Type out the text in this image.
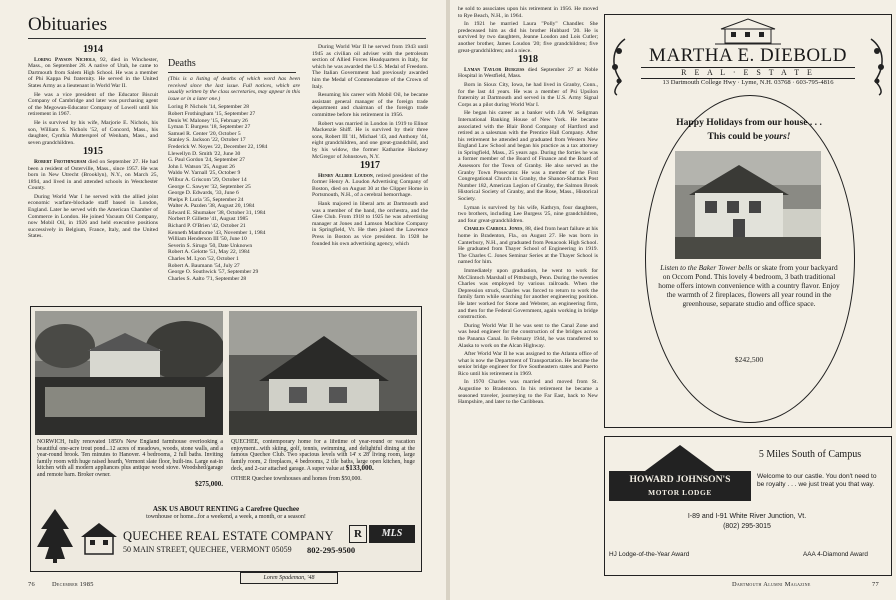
Obituaries
1914

Loring Payson Nichols, 92, died in Winchester, Mass., on September 28. A native of Utah, he came to Dartmouth from Salem High School. He was a member of Phi Kappa Psi fraternity. He served in the United States Army as a lieutenant in World War II.

He was a vice president of the Educator Biscuit Company of Cambridge and later was purchasing agent of the Megowan-Educator Company of Lowell until his retirement in 1967.

He is survived by his wife, Marjorie E. Nichols, his son, William S. Nichols '52, of Concord, Mass., his daughter, Cynthia Muttersprel of Wenham, Mass., and seven grandchildren.

1915

Robert Frothingham died on September 27. He had been a resident of Osterville, Mass., since 1957. He was born in New Utrecht (Brooklyn), N.Y., on March 25, 1894, and lived in and attended schools in Westchester County.

During World War I he served with the allied joint economic warfare-blockade staff based in London, England. Later he served with the American Chamber of Commerce in London. He joined Vacuum Oil Company, now Mobil Oil, in 1926 and held executive positions successively in Belgium, France, Italy, and the United States.

Deaths

(This is a listing of deaths of which word has been received since the last issue. Full notices, which are usually written by the class secretaries, may appear in this issue or in a later one.)

Loring P. Nichols '14, September 28
Robert Frothingham '15, September 27
Denis W. Maloney '15, February 26
Lyman T. Burgess '18, September 27
Samuel R. Center '20, October 5
Stanley S. Jackson '22, October 17
Frederick W. Noyes '22, December 22, 1984
Llewellyn D. Smith '22, June 30
G. Paul Gordon '24, September 27
John I. Watson '25, August 26
Waldo W. Yarnall '25, October 9
Wilbur A. Griscom '29, October 14
George C. Sawyer '32, September 25
George D. Edwards, '33, June 6
Phelps P. Luria '35, September 24
Walter A. Pazden '38, August 20, 1984
Edward E. Shumaker '38, October 31, 1984
Norbert P. Gillette '41, August 1985
Richard P. O'Brien '42, October 21
Kenneth Manthorne '43, November 1, 1984
William Henderson III '50, June 10
Severin S. Sirugo '50, Date Unknown
Robert A. Gelotte '51, May 22, 1984
Charles M. Lyon '52, October 1
Robert A. Baumann '54, July 27
George O. Southwick '57, September 29
Charles S. Aalto '71, September 28

During World War II he served from 1943 until 1945 as civilian oil adviser with the petroleum section of Allied Forces Headquarters in Italy, for which he was awarded the U.S. Medal of Freedom. The Italian Government had previously awarded him the Medal of Commendatore of the Crown of Italy.

Resuming his career with Mobil Oil, he became assistant general manager of the foreign trade department and chairman of the foreign trade committee before his retirement in 1956.

Robert was married in London in 1919 to Elinor Mackenzie Shiff. He is survived by their three sons, Robert III '41, Michael '43, and Anthony '44, eight grandchildren, and one great-grandchild, and by his widow, the former Katharine Hackney McGregor of Johnstown, N.Y.

1917

Henry Allbee Loudon, retired president of the former Henry A. Loudon Advertising Company of Boston, died on August 30 at the Clipper Home in Portsmouth, N.H., of a cerebral hemorrhage.

Hank majored in liberal arts at Dartmouth and was a member of the band, the orchestra, and the Glee Club. From 1918 to 1925 he was advertising manager at Jones and Lamson Machine Company in Springfield, Vt. He then joined the Lawrence Press in Boston as vice president. In 1928 he founded his own advertising agency, which

NORWICH, fully renovated 1850's New England farmhouse overlooking a beautiful one-acre trout pond...12 acres of meadows, woods, stone walls, and a year-round brook. Ten minutes to Hanover. 4 bedrooms, 2 full baths. Inviting family room with huge raised hearth, Vermont slate floor, built-ins. Large eat-in kitchen with all modern appliances plus antique wood stove. Woodshed/garage and remote barn. Broker owner.

$275,000.

QUECHEE, contemporary home for a lifetime of year-round or vacation enjoyment...with skiing, golf, tennis, swimming, and delightful dining at the famous Quechee Club. Two spacious levels with 14' x 28' living room, large family room, 2 fireplaces, 4 bedrooms, 2 tile baths, large open kitchen, huge deck, and 2-car attached garage. A super value at $133,000.

OTHER Quechee townhouses and homes from $50,000.

ASK US ABOUT RENTING a Carefree Quechee
townhouse or home...for a weekend, a week, a month, or a season!
QUECHEE REAL ESTATE COMPANY
50 MAIN STREET, QUECHEE, VERMONT 05059	802-295-9500
R	MLS
Loren Spademan, '48
76	December 1985

he sold to associates upon his retirement in 1956. He moved to Rye Beach, N.H., in 1964.

In 1921 he married Laura "Polly" Chandler. She predeceased him as did his brother Hubbard '20. He is survived by two daughters, Jeanne Loudon and Lois Cutler; another brother, James Loudon '20; five grandchildren; five great-grandchildren; and a niece.

1918

Lyman Taylor Burgess died September 27 at Noble Hospital in Westfield, Mass.

Born in Sioux City, Iowa, he had lived in Granby, Conn., for the last 44 years. He was a member of Psi Upsilon fraternity at Dartmouth and served in the U.S. Army Signal Corps as a pilot during World War I.

He began his career as a banker with J.& W. Seligman International Banking House of New York. He became associated with the Blair Bond Company of Hartford and retired as a salesman with the Prentice Hall Company. After his retirement he attended and graduated from Western New England Law School and began his practice as a tax attorney in Springfield, Mass., 25 years ago. During the forties he was a former member of the Board of Finance and the Board of Assessors for the Town of Granby. He also served as the Granby Town Prosecutor. He was a member of the First Congregational Church in Granby, the Shanon-Shattuck Post Number 182, American Legion of Granby, the Salmon Brook Historical Society of Granby, and the Rose, Mass., Historical Society.

Lyman is survived by his wife, Kathryn, four daughters, two brothers, including Lee Burgess '25, nine grandchildren, and four great-grandchildren.

Charles Carroll Jones, 88, died from heart failure at his home in Bradenton, Fla., on August 27. He was born in Canterbury, N.H., and graduated from Penacook High School. He graduated from Thayer School of Engineering in 1919. The Charles C. Jones Seminar Series at the Thayer School is named for him.

Immediately upon graduation, he went to work for McClintoch Marshall of Pittsburgh, Penn. During the twenties Charles was employed by various railroads. When the Depression struck, Charles was forced to return to work the family farm while searching for another engineering position. He later worked for Stone and Webster, an engineering firm, and then for the Federal Government, again working in bridge construction.

During World War II he was sent to the Canal Zone and was head engineer for the construction of the bridges across the Panama Canal. In February 1944, he was transferred to Alaska to work on the Alcan Highway.

After World War II he was assigned to the Atlanta office of what is now the Department of Transportation. He became the senior bridge engineer for five Southeastern states and Puerto Rico until his retirement in 1969.

In 1970 Charles was married and moved from St. Augustine to Bradenton. In his retirement he became a seasoned traveler, journeying to the Far East, back to New Hampshire, and later to the Caribbean.

MARTHA E. DIEBOLD
R E A L · E S T A T E
13 Dartmouth College Hwy · Lyme, N.H. 03768 · 603-795-4816
Happy Holidays from our house . . .
This could be yours!
Listen to the Baker Tower bells or skate from your backyard on Occom Pond. This lovely 4 bedroom, 3 bath traditional home offers intown convenience with a country flavor. Enjoy the warmth of 2 fireplaces, flowers all year round in the greenhouse, separate studio and office space.
$242,500
5 Miles South of Campus
HOWARD JOHNSON'S
MOTOR LODGE
Welcome to our castle. You don't need to be royalty . . . we just treat you that way.
I-89 and I-91 White River Junction, Vt.
(802) 295-3015
HJ Lodge-of-the-Year Award	AAA 4-Diamond Award
Dartmouth Alumni Magazine	77
